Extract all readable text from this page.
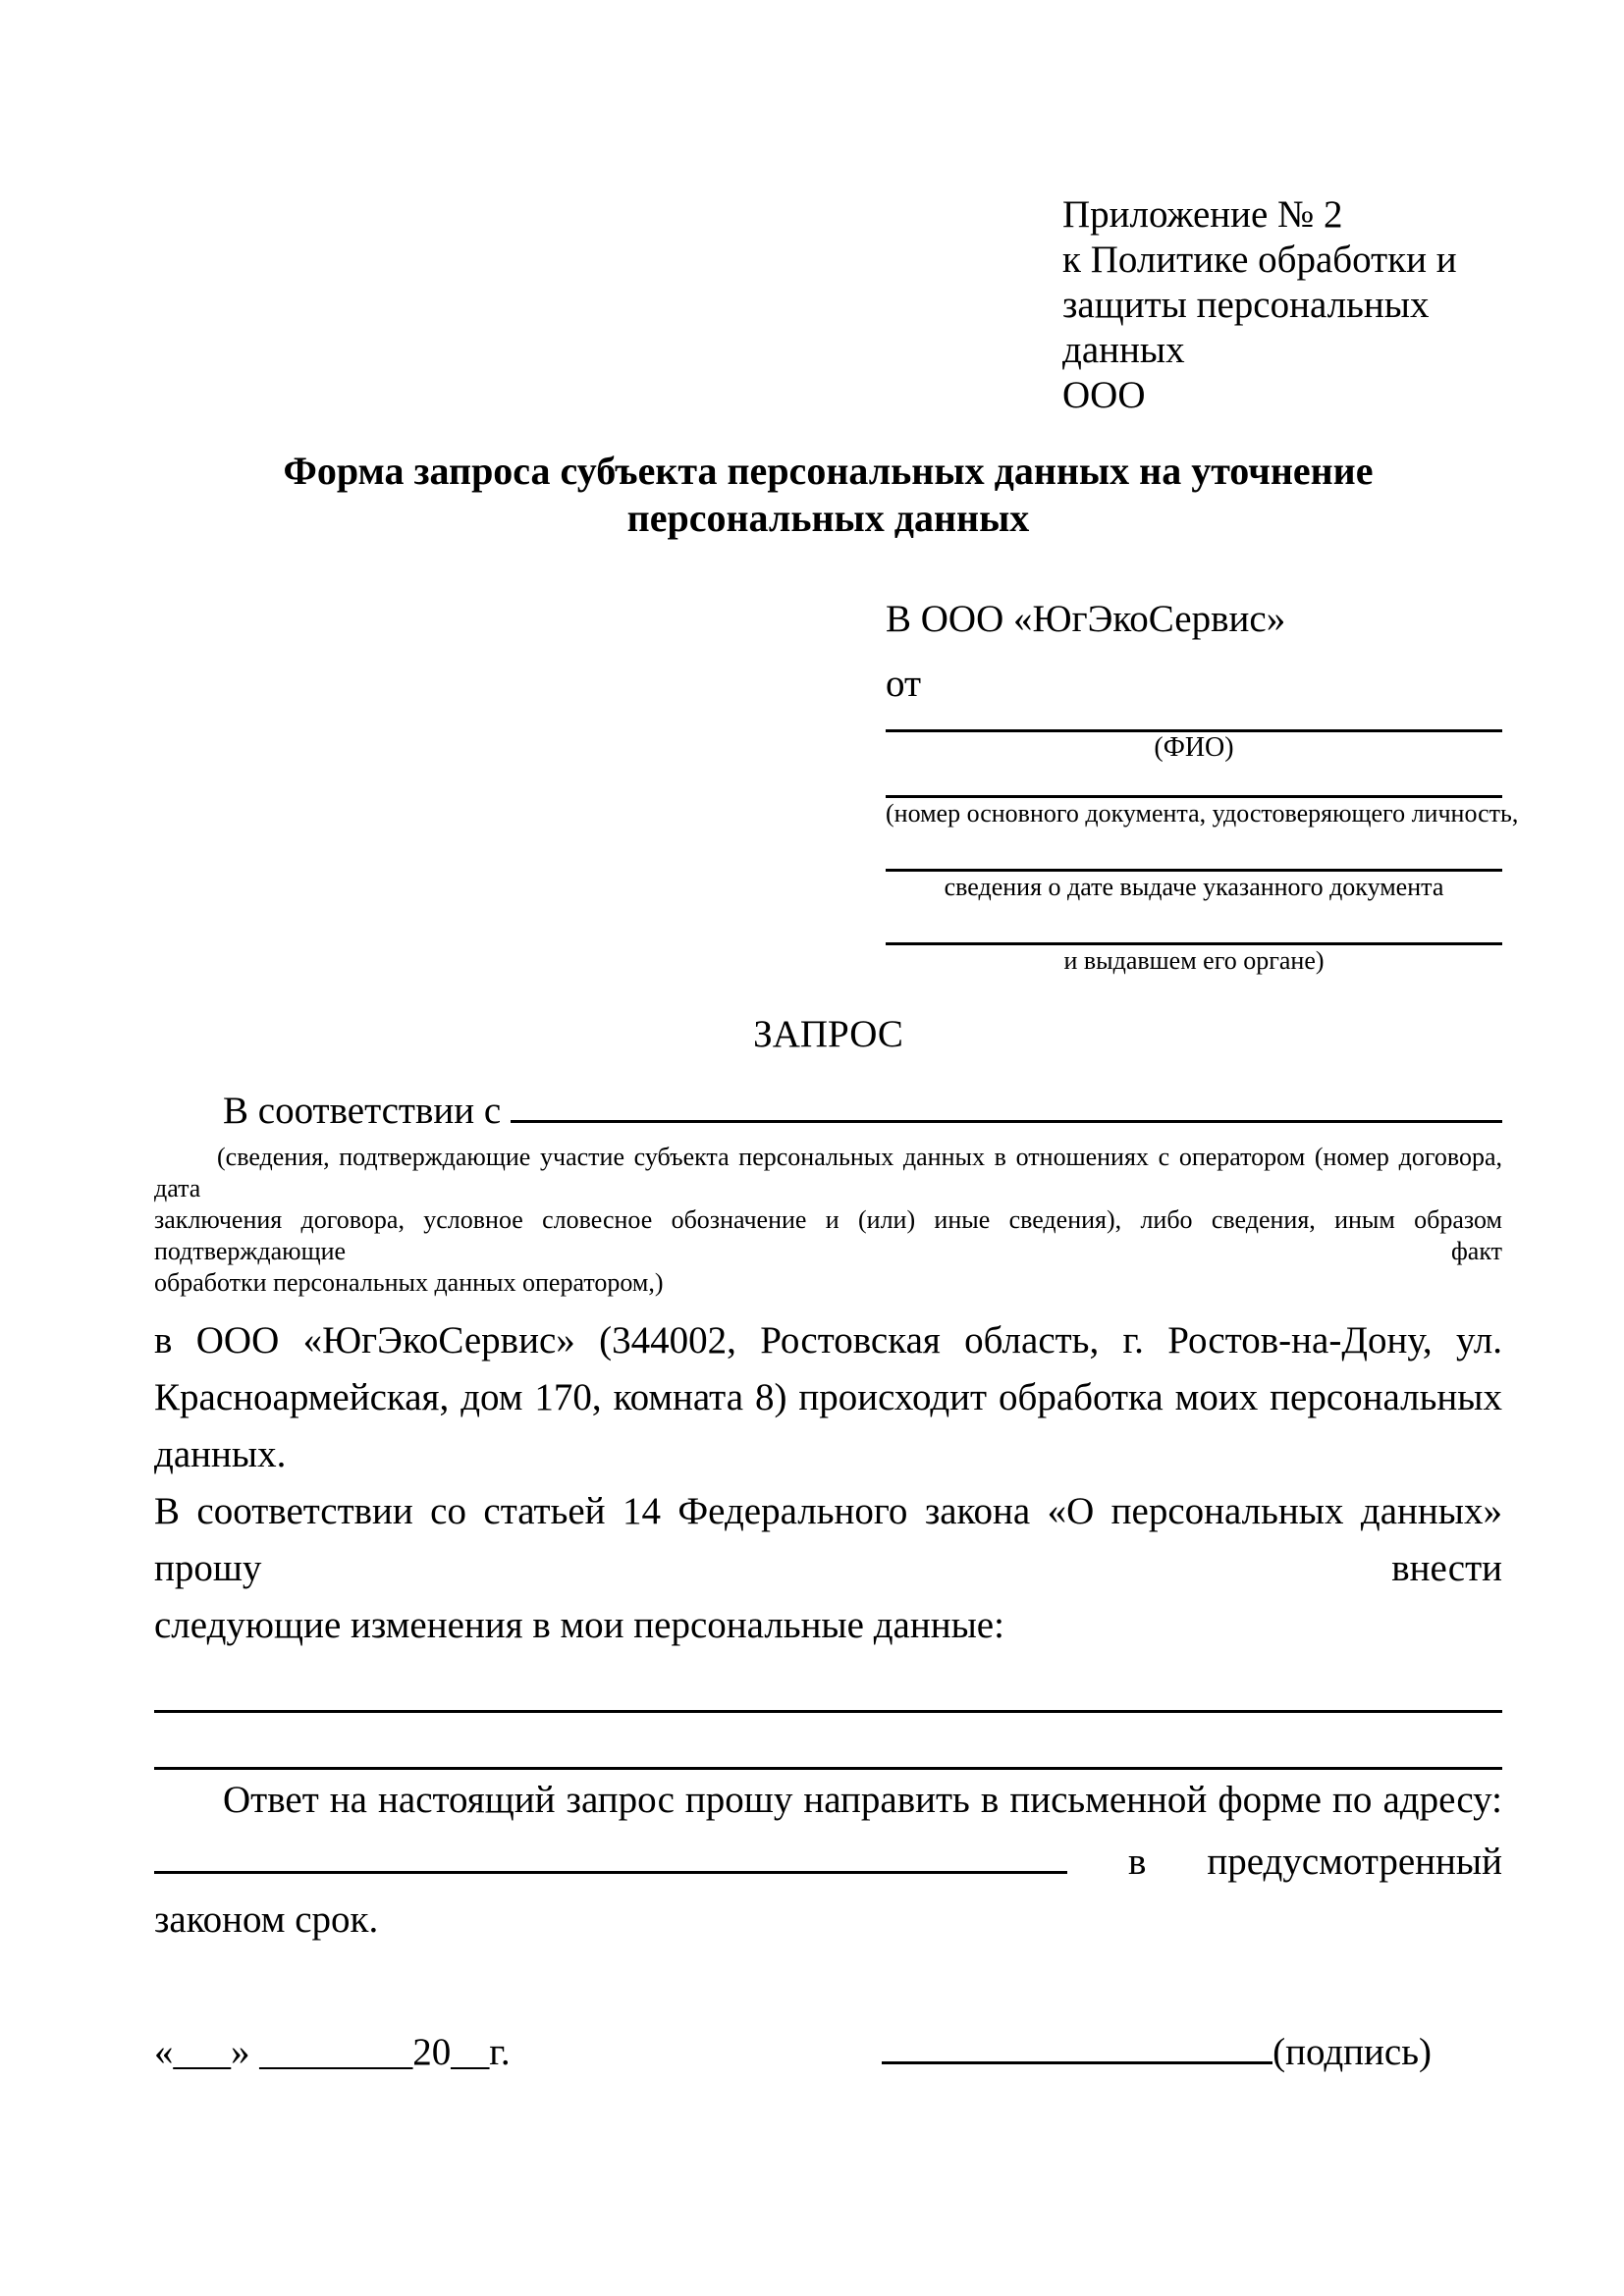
Приложение № 2
к Политике обработки и
защиты персональных данных
ООО
Форма запроса субъекта персональных данных на уточнение персональных данных
В ООО «ЮгЭкоСервис»
от
(ФИО)
(номер основного документа, удостоверяющего личность,
сведения о дате выдаче указанного документа
и выдавшем его органе)
ЗАПРОС
В соответствии с
(сведения, подтверждающие участие субъекта персональных данных в отношениях с оператором (номер договора, дата
заключения договора, условное словесное обозначение и (или) иные сведения), либо сведения, иным образом подтверждающие факт
обработки персональных данных оператором,)
в ООО «ЮгЭкоСервис» (344002, Ростовская область, г. Ростов-на-Дону, ул.
Красноармейская, дом 170, комната 8) происходит обработка моих персональных данных.
В соответствии со статьей 14 Федерального закона «О персональных данных» прошу внести
следующие изменения в мои персональные данные:
Ответ на настоящий запрос прошу направить в письменной форме по адресу:
в предусмотренный
законом срок.
«___» ________20__г.	(подпись)
